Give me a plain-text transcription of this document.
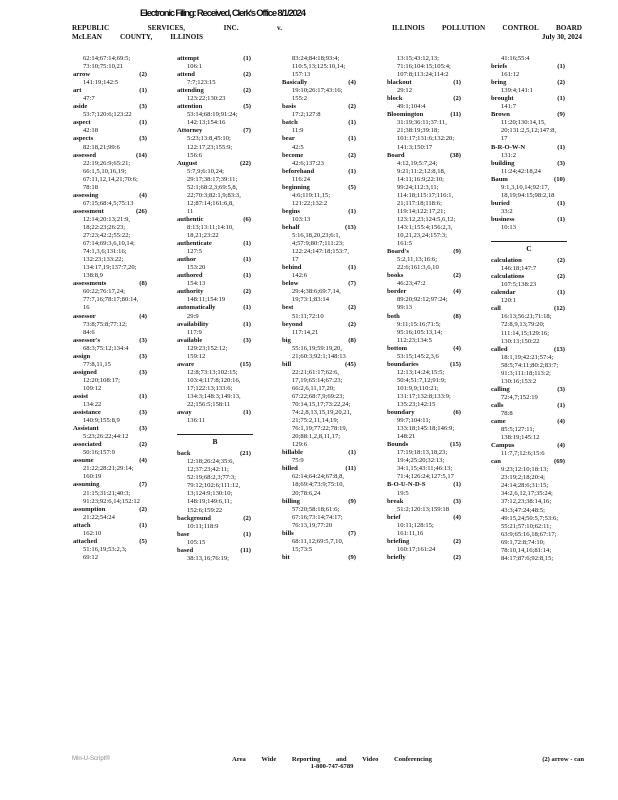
Electronic Filing: Received, Clerk's Office 8/1/2024
REPUBLIC	SERVICES,	INC.	v.
McLEAN	COUNTY,	ILLINOIS
ILLINOIS POLLUTION CONTROL BOARD
July 30, 2024
62:14;67:14;69:5;
73:10;75:10,21
arrow	(2)
141:19;142:5
art	(1)
47:7
aside	(3)
53:7;120:6;123:22
aspect	(1)
42:18
aspects	(3)
82:18,21;99:6
assessed	(14)
22:19;26:9;65:21;
66:1,5,10,16,19;
67:11,12,14,21;70:6;
78:18
assessing	(4)
67:15;68:4,5;75:13
assessment	(26)
12:14;20:13;21:9,
18;22:23;26:23;
27:23;42:2;55:22;
67:14;69:3,6,10,14;
74:1,3,6;131:16;
132:23;133:22;
134:17,19;137:7,20;
138:8,9
assessments	(8)
60:22;76:17,24;
77:7,16;78:17;80:14,
16
assessor	(4)
73:8;75:8;77:12;
84:6
assessor's	(3)
68:3;75:12;134:4
assign	(3)
77:8,11,15
assigned	(3)
12:20;108:17;
109:12
assist	(1)
134:22
assistance	(3)
140:9;155:8,9
Assistant	(3)
5:23;26:22;44:12
associated	(2)
50:16;157:9
assume	(4)
21:22;28:21;29:14;
160:19
assuming	(7)
21:15;31:21;40:3;
91:23;92:6,14;152:12
assumption	(2)
21:22;54:24
attach	(1)
162:10
attached	(5)
51:16,19;53:2,3;
69:12
attempt	(1)
106:1
attend	(2)
7:7;123:15
attending	(2)
123:22;130:23
attention	(5)
53:14;68:19;91:24;
142:13;154:16
Attorney	(7)
5:23;13:8,45:10;
122:17,23;155:9;
156:6
August	(22)
5:7,9;6:10,24;
29:17;38:17;39:11;
52:1;68:2,3;69:5,8,
22;70:3;82:1,9;83:3,
12;87:14;161:6,8,
11
authentic	(6)
8:13;13:11;14:10,
18,21;23:22
authenticate	(1)
127:5
author	(1)
153:20
authored	(1)
154:13
authority	(2)
148:11;154:19
automatically	(1)
29:9
availability	(1)
117:9
available	(3)
129:23;152:12;
159:12
aware	(15)
12:8;73:13;102:15;
103:4;117:8;120:16,
17;122:13;133:6;
134:3;148:3;149:13,
22;156:5;158:11
away	(1)
136:11
B
back	(21)
12:18;26:24;35:6,
12;37:23;42:11;
52:19;68:2,3;77:3;
79:12;102:6;111:12,
13;124:9;130:10;
148:19;149:6,11;
152:6;159:22
background	(2)
10:11;118:9
base	(1)
105:15
based	(11)
38:13,16;76:19;
83:24;84:18;93:4;
110:5,13;125:10,14;
157:13
Basically	(4)
19:10;26:17;43:16;
155:2
basis	(2)
17:2;127:8
batch	(1)
11:9
bear	(1)
42:5
become	(2)
42:6;137:23
beforehand	(1)
116:24
beginning	(5)
4:6;119:11,15;
121:22;132:2
begins	(1)
103:13
behalf	(13)
5:16,18,20,23;6:1,
4;57:9;80:7;111:23;
122:24;147:18;153:7,
17
behind	(1)
142:6
below	(7)
29:4;38:6;69:7,14,
19;73:1;83:14
best	(2)
51:11;72:10
beyond	(2)
117:14,21
big	(8)
55:16,19;59:19,20,
21;60:3;92:1;148:13
bill	(45)
22:21;61:17;62:6,
17,19;65:14;67:23;
66:2,6,11,17,20;
67:22;68:7,9;69:23;
70:14,15,17;73:22,24;
74:2,8,13,15,19,20,21,
21;75:2,11,14,19;
76:1,19;77:22;78:19,
20;88:1,2,8,11,17;
129:6
billable	(1)
75:9
billed	(11)
62:14;64:24;67:8,8,
18;69:4;73:9;75:10,
20;78:6,24
billing	(9)
57:20;58:18;61:6;
67:16;73:14;74:17;
76:13,19;77:20
bills	(7)
68:11,12;69:5,7,10,
15;73:5
bit	(9)
13:15;43:12,13;
71:16;104:15;105:4;
107:8;113:24;114:2
blackout	(1)
29:12
block	(2)
49:1;104:4
Bloomington	(11)
31:19;36:11;37:11,
21;38:19;39:18;
101:17;131:6;132:20;
141:3;150:17
Board	(38)
4:12,19;5:7,24;
9:21;11:2;12:8,18,
14:11;16:9;22:10;
99:24;112:3,11;
114:18;115:17;116:1,
21;117:18;118:6;
119:14;122:17,21;
123:12,23;124:5,6,12;
143:1;155:4;156:2,3,
10,21,23,24;157:3;
161:5
Board's	(9)
5:2,11,13;16:6;
22:6;161:3,6,10
books	(2)
46:23;47:2
border	(4)
89:20;92:12;97:24;
99:13
both	(8)
9:11;15:16;71:5;
95:16;105:13,14;
112:23;134:5
bottom	(4)
53:15;145:2,3,6
boundaries	(15)
12:13;14:24;15:5;
50:4;51:7,12;91:9;
101:9,9;110:21;
131:17;132:8;133:9;
135:23;142:15
boundary	(6)
99:7;104:11;
133:18;145:18;146:9;
148:21
Bounds	(15)
17:19;18:13,18,23;
19:4;25:20;32:13;
34:1,15;43:11;46:13;
71:4;126:24;127:5,17
B-O-U-N-D-S	(1)
19:5
break	(3)
51:2;120:13;159:18
brief	(4)
10:11;128:15;
161:11,16
briefing	(2)
160:17;161:24
briefly	(2)
41:16;55:4
briefs	(1)
161:12
bring	(2)
139:4;141:1
brought	(1)
141:7
Brown	(9)
11:20;130:14,15,
20;131:2,5,12;147:8,
17
B-R-O-W-N	(1)
131:2
building	(3)
11:24;42:18,24
Baum	(10)
9:1,3,10,14;92:17,
18,19;94:15;98:2,18
buried	(1)
33:2
business	(1)
10:13
C
calculation	(2)
146:18;147:7
calculations	(2)
107:5;138:23
calendar	(1)
120:1
call	(12)
16:13;56:21;71:18;
72:8,9,13;79:20;
111:14,15;129:16;
130:13;150:22
called	(13)
18:1,19;42:21;57:4;
58:5;74:11;80:2;83:7;
91:3;111:18;113:2;
130:16;153:2
calling	(3)
72:4,7;152:19
calls	(1)
78:8
came	(4)
85:5;127:11;
138:19;145:12
Campus	(4)
11:7,7;12:6;15:6
can	(69)
9:23;12:10;18:13;
23:19;2;18;20:4;
24:14;28:6;31:15;
34:2,6,12,17;35:24;
37:12,23;38:14,16;
43:3;47:24;48:5;
49:15,24;50:5,7;53:6;
55:21;57:10;62:11;
63:9;65:16,18;67:17;
69:1,72:8;74:10;
78:10,14,16;81:14;
84:17;87:6;92:8,15;
Min-U-Script®	Area Wide Reporting and Video Conferencing
1-800-747-6789
(2) arrow - can
